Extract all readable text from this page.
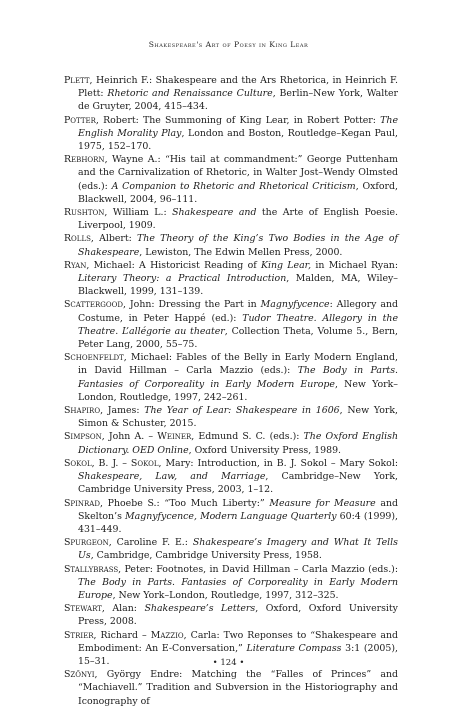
Shakespeare's Art of Poesy in King Lear
Plett, Heinrich F.: Shakespeare and the Ars Rhetorica, in Heinrich F. Plett: Rhetoric and Renaissance Culture, Berlin–New York, Walter de Gruyter, 2004, 415–434.
Potter, Robert: The Summoning of King Lear, in Robert Potter: The English Morality Play, London and Boston, Routledge–Kegan Paul, 1975, 152–170.
Rebhorn, Wayne A.: “His tail at commandment:” George Puttenham and the Carnivalization of Rhetoric, in Walter Jost–Wendy Olmsted (eds.): A Companion to Rhetoric and Rhetorical Criticism, Oxford, Blackwell, 2004, 96–111.
Rushton, William L.: Shakespeare and the Arte of English Poesie. Liverpool, 1909.
Rolls, Albert: The Theory of the King’s Two Bodies in the Age of Shakespeare, Lewiston, The Edwin Mellen Press, 2000.
Ryan, Michael: A Historicist Reading of King Lear, in Michael Ryan: Literary Theory: a Practical Introduction, Malden, MA, Wiley–Blackwell, 1999, 131–139.
Scattergood, John: Dressing the Part in Magnyfycence: Allegory and Costume, in Peter Happé (ed.): Tudor Theatre. Allegory in the Theatre. L’allégorie au theater, Collection Theta, Volume 5., Bern, Peter Lang, 2000, 55–75.
Schoenfeldt, Michael: Fables of the Belly in Early Modern England, in David Hillman – Carla Mazzio (eds.): The Body in Parts. Fantasies of Corporeality in Early Modern Europe, New York–London, Routledge, 1997, 242–261.
Shapiro, James: The Year of Lear: Shakespeare in 1606, New York, Simon & Schuster, 2015.
Simpson, John A. – Weiner, Edmund S. C. (eds.): The Oxford English Dictionary. OED Online, Oxford University Press, 1989.
Sokol, B. J. – Sokol, Mary: Introduction, in B. J. Sokol – Mary Sokol: Shakespeare, Law, and Marriage, Cambridge–New York, Cambridge University Press, 2003, 1–12.
Spinrad, Phoebe S.: “Too Much Liberty:” Measure for Measure and Skelton’s Magnyfycence, Modern Language Quarterly 60:4 (1999), 431–449.
Spurgeon, Caroline F. E.: Shakespeare’s Imagery and What It Tells Us, Cambridge, Cambridge University Press, 1958.
Stallybrass, Peter: Footnotes, in David Hillman – Carla Mazzio (eds.): The Body in Parts. Fantasies of Corporeality in Early Modern Europe, New York–London, Routledge, 1997, 312–325.
Stewart, Alan: Shakespeare’s Letters, Oxford, Oxford University Press, 2008.
Strier, Richard – Mazzio, Carla: Two Reponses to “Shakespeare and Embodiment: An E-Conversation,” Literature Compass 3:1 (2005), 15–31.
Szőnyi, György Endre: Matching the “Falles of Princes” and “Machiavell.” Tradition and Subversion in the Historiography and Iconography of
• 124 •
